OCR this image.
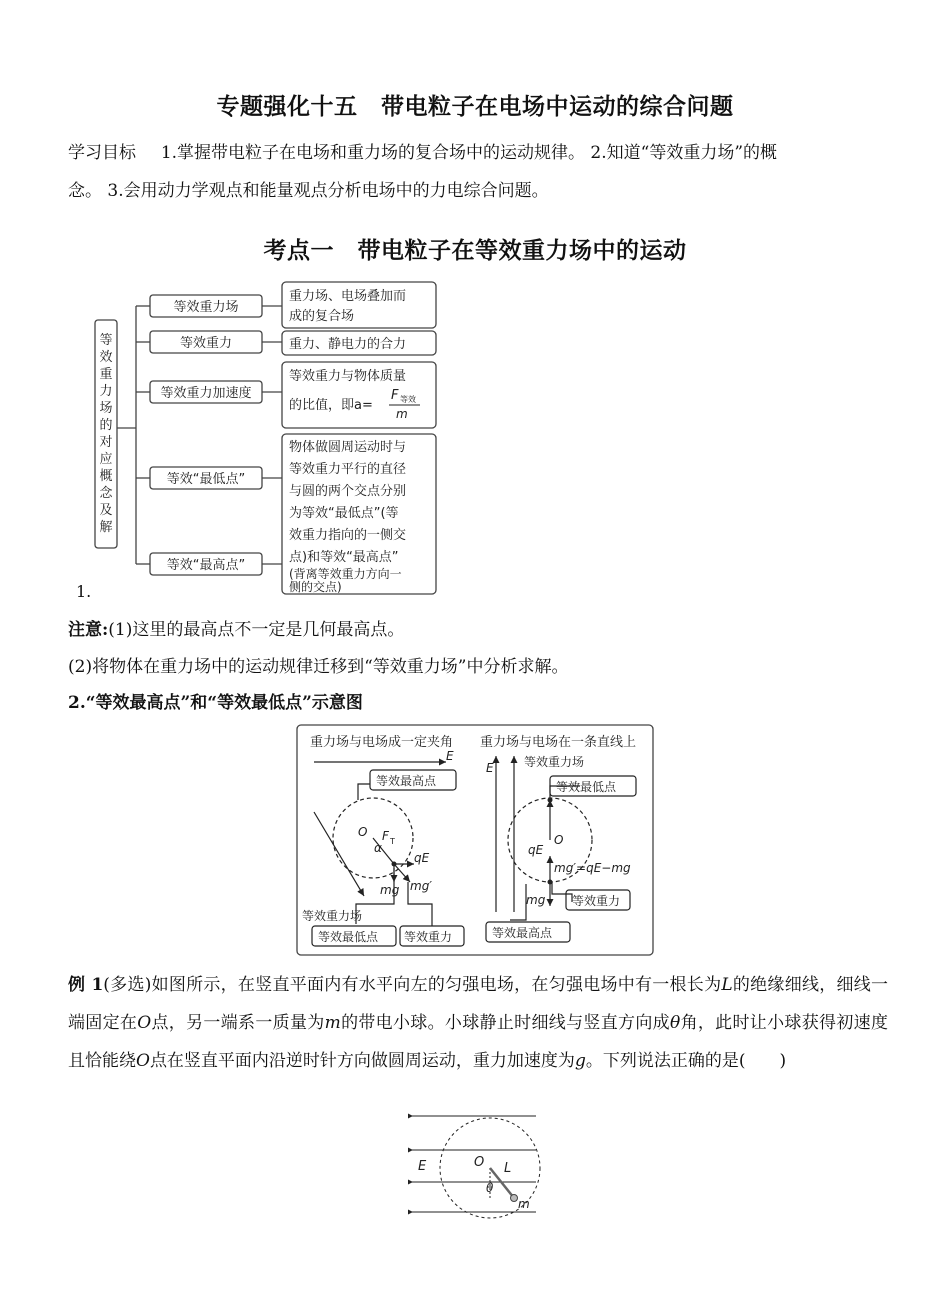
专题强化十五　带电粒子在电场中运动的综合问题
学习目标 1.掌握带电粒子在电场和重力场的复合场中的运动规律。 2.知道“等效重力场”的概
念。 3.会用动力学观点和能量观点分析电场中的力电综合问题。
考点一　带电粒子在等效重力场中的运动
等
效
重
力
场
的
对
应
概
念
及
解
等效重力场
等效重力
等效重力加速度
等效“最低点”
等效“最高点”
重力场、电场叠加而
成的复合场
重力、静电力的合力
等效重力与物体质量
的比值，即a=
F 等效
m
物体做圆周运动时与
等效重力平行的直径
与圆的两个交点分别
为等效“最低点”(等
效重力指向的一侧交
点)和等效“最高点”
(背离等效重力方向一
侧的交点)
1.
注意:(1)这里的最高点不一定是几何最高点。
(2)将物体在重力场中的运动规律迁移到“等效重力场”中分析求解。
2.“等效最高点”和“等效最低点”示意图
重力场与电场成一定夹角 重力场与电场在一条直线上
E
等效最高点
O F T
α
qE
mg mg′
等效重力场
等效最低点 等效重力
E	等效重力场
等效最低点
O
qE
mg′=qE−mg
mg 等效重力
等效最高点
例 1(多选)如图所示，在竖直平面内有水平向左的匀强电场，在匀强电场中有一根长为L的绝缘细线，细线一端固定在O点，另一端系一质量为m的带电小球。小球静止时细线与竖直方向成θ角，此时让小球获得初速度且恰能绕O点在竖直平面内沿逆时针方向做圆周运动，重力加速度为g。下列说法正确的是(　　)
E	O L
θ
m
